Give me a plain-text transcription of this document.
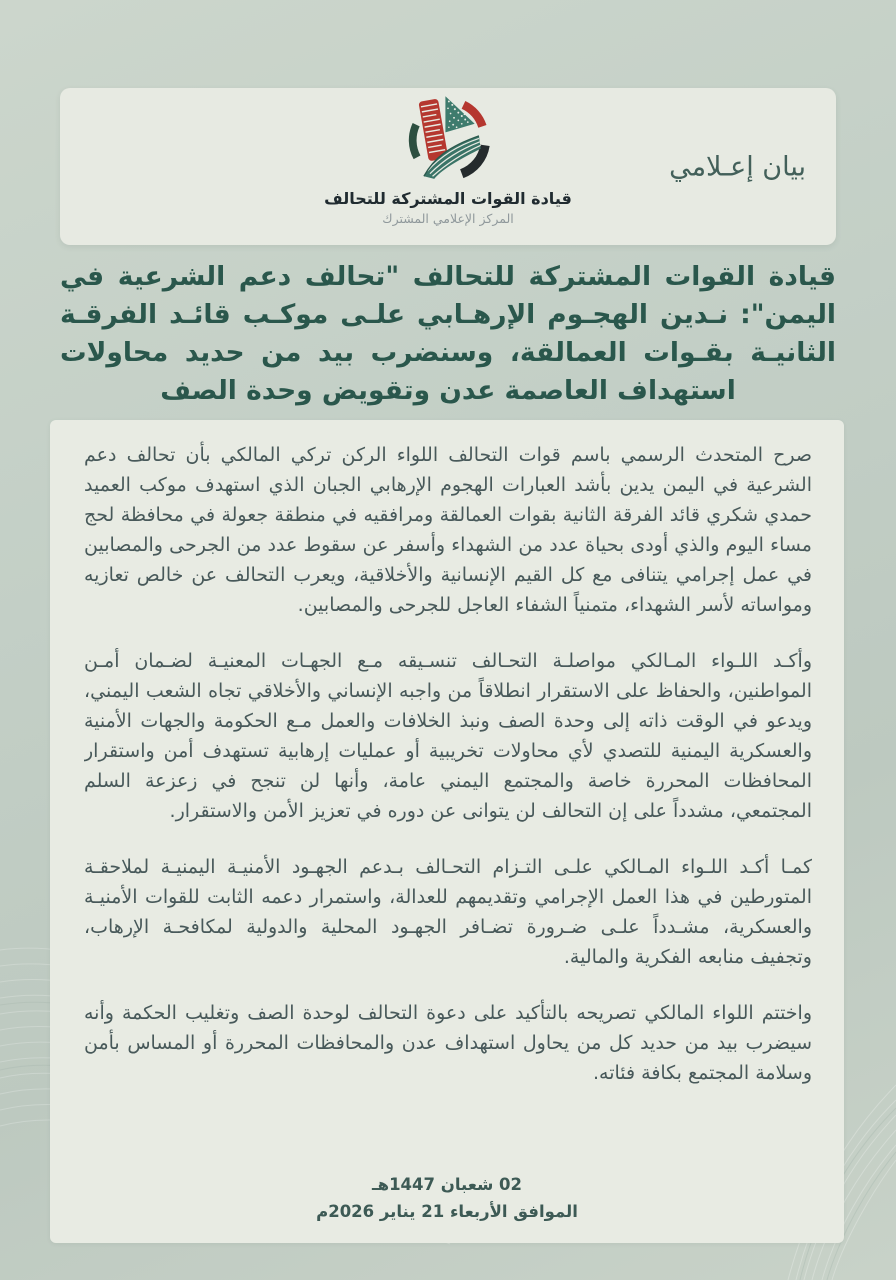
قيادة القوات المشتركة للتحالف
المركز الإعلامي المشترك
بيان إعـلامي
قيادة القوات المشتركة للتحالف "تحالف دعم الشرعية في اليمن": نـدين الهجـوم الإرهـابي علـى موكـب قائـد الفرقـة الثانيـة بقـوات العمالقة، وسنضرب بيد من حديد محاولات استهداف العاصمة عدن وتقويض وحدة الصف

صرح المتحدث الرسمي باسم قوات التحالف اللواء الركن تركي المالكي بأن تحالف دعم الشرعية في اليمن يدين بأشد العبارات الهجوم الإرهابي الجبان الذي استهدف موكب العميد حمدي شكري قائد الفرقة الثانية بقوات العمالقة ومرافقيه في منطقة جعولة في محافظة لحج مساء اليوم والذي أودى بحياة عدد من الشهداء وأسفر عن سقوط عدد من الجرحى والمصابين في عمل إجرامي يتنافى مع كل القيم الإنسانية والأخلاقية، ويعرب التحالف عن خالص تعازيه ومواساته لأسر الشهداء، متمنياً الشفاء العاجل للجرحى والمصابين.

وأكـد اللـواء المـالكي مواصلـة التحـالف تنسـيقه مـع الجهـات المعنيـة لضـمان أمـن المواطنين، والحفاظ على الاستقرار انطلاقاً من واجبه الإنساني والأخلاقي تجاه الشعب اليمني، ويدعو في الوقت ذاته إلى وحدة الصف ونبذ الخلافات والعمل مـع الحكومة والجهات الأمنية والعسكرية اليمنية للتصدي لأي محاولات تخريبية أو عمليات إرهابية تستهدف أمن واستقرار المحافظات المحررة خاصة والمجتمع اليمني عامة، وأنها لن تنجح في زعزعة السلم المجتمعي، مشدداً على إن التحالف لن يتوانى عن دوره في تعزيز الأمن والاستقرار.

كمـا أكـد اللـواء المـالكي علـى التـزام التحـالف بـدعم الجهـود الأمنيـة اليمنيـة لملاحقـة المتورطين في هذا العمل الإجرامي وتقديمهم للعدالة، واستمرار دعمه الثابت للقوات الأمنيـة والعسكرية، مشـدداً علـى ضـرورة تضـافر الجهـود المحلية والدولية لمكافحـة الإرهاب، وتجفيف منابعه الفكرية والمالية.

واختتم اللواء المالكي تصريحه بالتأكيد على دعوة التحالف لوحدة الصف وتغليب الحكمة وأنه سيضرب بيد من حديد كل من يحاول استهداف عدن والمحافظات المحررة أو المساس بأمن وسلامة المجتمع بكافة فئاته.

02 شعبان 1447هـ
الموافق الأربعاء 21 يناير 2026م
